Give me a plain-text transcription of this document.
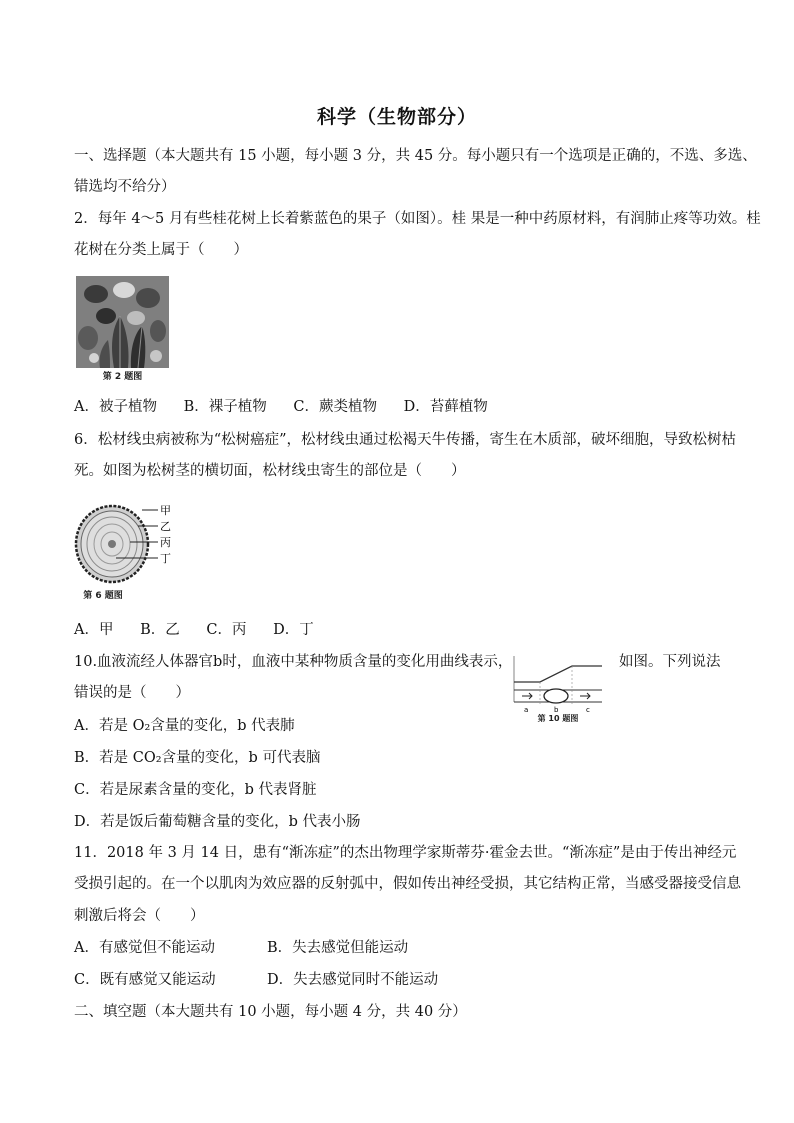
科学（生物部分）
一、选择题（本大题共有 15 小题，每小题 3 分，共 45 分。每小题只有一个选项是正确的，不选、多选、
错选均不给分）
2．每年 4～5 月有些桂花树上长着紫蓝色的果子（如图）。桂 果是一种中药原材料，有润肺止疼等功效。桂
花树在分类上属于（　　）
第 2 题图
A．被子植物 B．裸子植物 C．蕨类植物 D．苔藓植物
6．松材线虫病被称为“松树癌症”，松材线虫通过松褐天牛传播，寄生在木质部，破坏细胞，导致松树枯
死。如图为松树茎的横切面，松材线虫寄生的部位是（　　）
甲
乙
丙
丁
第 6 题图
A．甲 B．乙 C．丙 D．丁
10.血液流经人体器官b时，血液中某种物质含量的变化用曲线表示，	如图。下列说法
错误的是（　　）
a	b	c
第 10 题图
A．若是 O₂含量的变化，b 代表肺
B．若是 CO₂含量的变化，b 可代表脑
C．若是尿素含量的变化，b 代表肾脏
D．若是饭后葡萄糖含量的变化，b 代表小肠
11．2018 年 3 月 14 日，患有“渐冻症”的杰出物理学家斯蒂芬·霍金去世。“渐冻症”是由于传出神经元
受损引起的。在一个以肌肉为效应器的反射弧中，假如传出神经受损，其它结构正常，当感受器接受信息
刺激后将会（　　）
A．有感觉但不能运动	B．失去感觉但能运动
C．既有感觉又能运动	D．失去感觉同时不能运动
二、填空题（本大题共有 10 小题，每小题 4 分，共 40 分）
